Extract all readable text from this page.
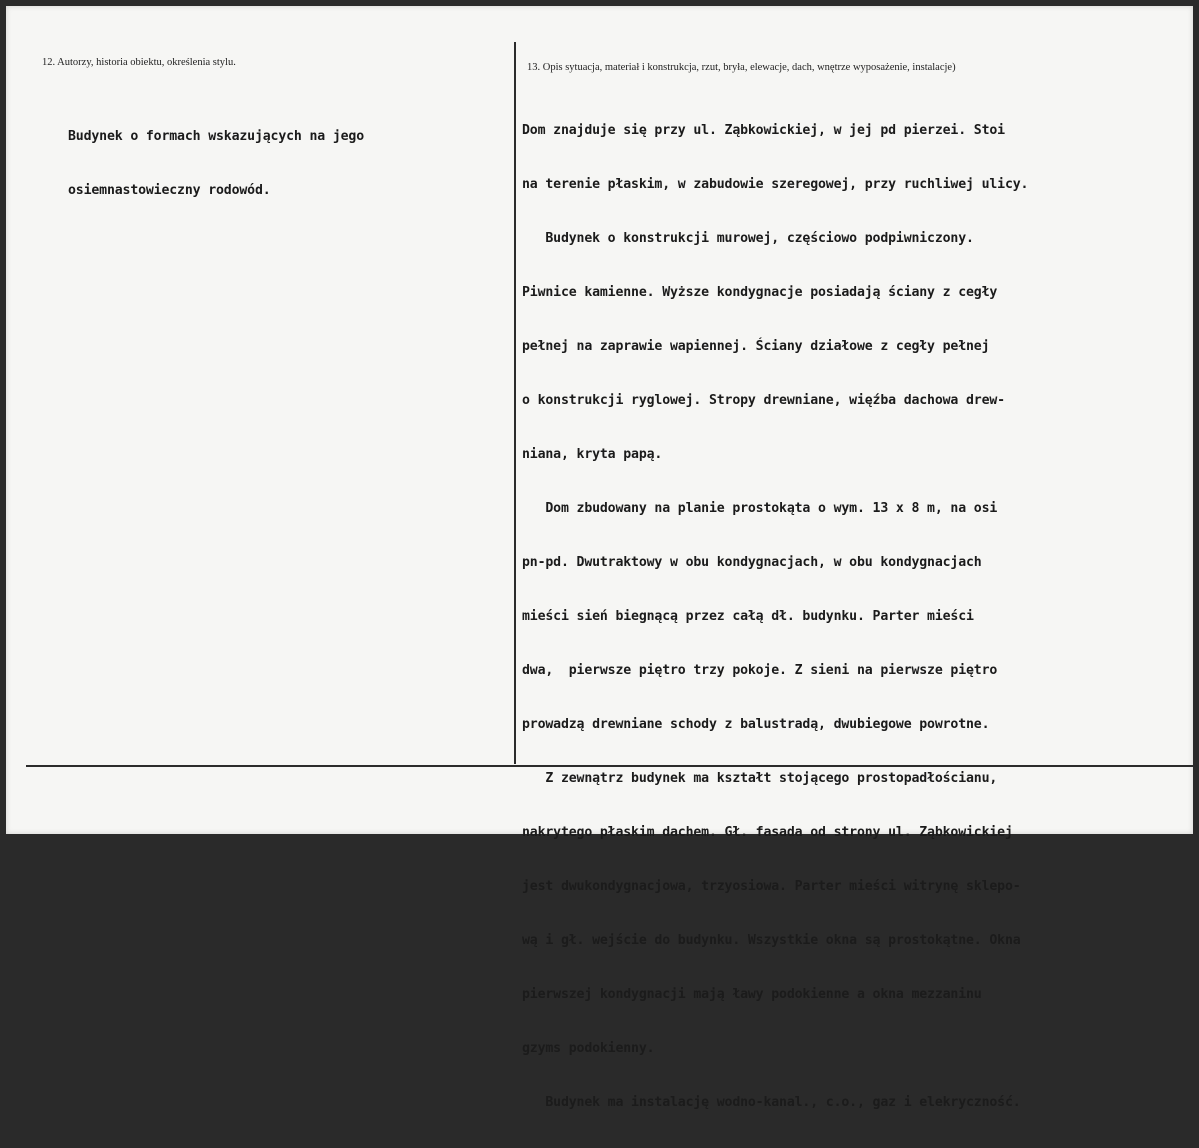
12. Autorzy, historia obiektu, określenia stylu.	13. Opis sytuacja, materiał i konstrukcja, rzut, bryła, elewacje, dach, wnętrze wyposażenie, instalacje)

Budynek o formach wskazujących na jego

osiemnastowieczny rodowód.

Dom znajduje się przy ul. Ząbkowickiej, w jej pd pierzei. Stoi

na terenie płaskim, w zabudowie szeregowej, przy ruchliwej ulicy.

Budynek o konstrukcji murowej, częściowo podpiwniczony.

Piwnice kamienne. Wyższe kondygnacje posiadają ściany z cegły

pełnej na zaprawie wapiennej. Ściany działowe z cegły pełnej

o konstrukcji ryglowej. Stropy drewniane, więźba dachowa drew-

niana, kryta papą.

Dom zbudowany na planie prostokąta o wym. 13 x 8 m, na osi

pn-pd. Dwutraktowy w obu kondygnacjach, w obu kondygnacjach

mieści sień biegnącą przez całą dł. budynku. Parter mieści

dwa,  pierwsze piętro trzy pokoje. Z sieni na pierwsze piętro

prowadzą drewniane schody z balustradą, dwubiegowe powrotne.

Z zewnątrz budynek ma kształt stojącego prostopadłościanu,

nakrytego płaskim dachem. Gł. fasada od strony ul. Ząbkowickiej

jest dwukondygnacjowa, trzyosiowa. Parter mieści witrynę sklepo-

wą i gł. wejście do budynku. Wszystkie okna są prostokątne. Okna

pierwszej kondygnacji mają ławy podokienne a okna mezzaninu

gzyms podokienny.

Budynek ma instalację wodno-kanal., c.o., gaz i elekryczność.
